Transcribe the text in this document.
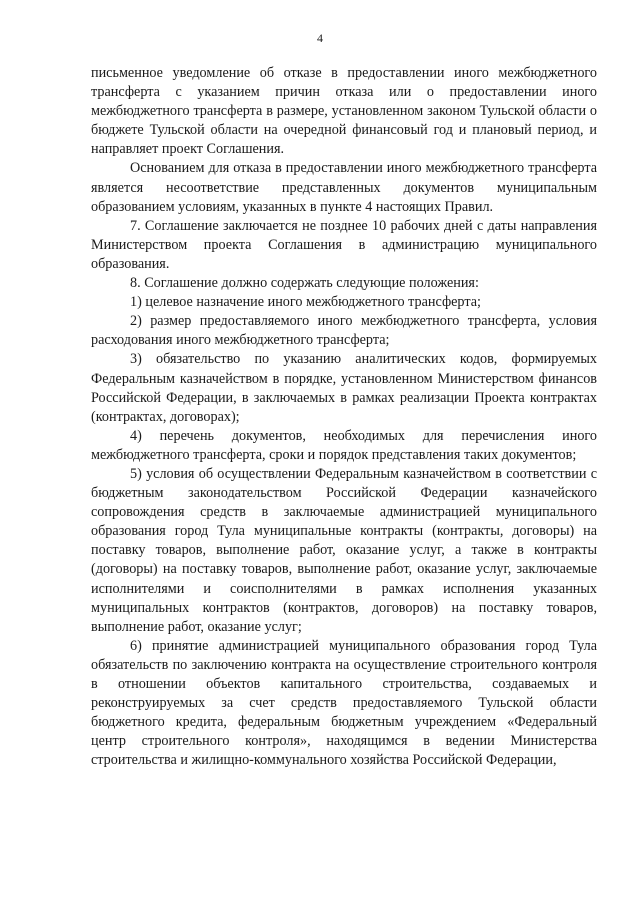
4

письменное уведомление об отказе в предоставлении иного межбюджетного трансферта с указанием причин отказа или о предоставлении иного межбюджетного трансферта в размере, установленном законом Тульской области о бюджете Тульской области на очередной финансовый год и плановый период, и направляет проект Соглашения.

Основанием для отказа в предоставлении иного межбюджетного трансферта является несоответствие представленных документов муниципальным образованием условиям, указанных в пункте 4 настоящих Правил.

7. Соглашение заключается не позднее 10 рабочих дней с даты направления Министерством проекта Соглашения в администрацию муниципального образования.

8. Соглашение должно содержать следующие положения:

1) целевое назначение иного межбюджетного трансферта;

2) размер предоставляемого иного межбюджетного трансферта, условия расходования иного межбюджетного трансферта;

3) обязательство по указанию аналитических кодов, формируемых Федеральным казначейством в порядке, установленном Министерством финансов Российской Федерации, в заключаемых в рамках реализации Проекта контрактах (контрактах, договорах);

4) перечень документов, необходимых для перечисления иного межбюджетного трансферта, сроки и порядок представления таких документов;

5) условия об осуществлении Федеральным казначейством в соответствии с бюджетным законодательством Российской Федерации казначейского сопровождения средств в заключаемые администрацией муниципального образования город Тула муниципальные контракты (контракты, договоры) на поставку товаров, выполнение работ, оказание услуг, а также в контракты (договоры) на поставку товаров, выполнение работ, оказание услуг, заключаемые исполнителями и соисполнителями в рамках исполнения указанных муниципальных контрактов (контрактов, договоров) на поставку товаров, выполнение работ, оказание услуг;

6) принятие администрацией муниципального образования город Тула обязательств по заключению контракта на осуществление строительного контроля в отношении объектов капитального строительства, создаваемых и реконструируемых за счет средств предоставляемого Тульской области бюджетного кредита, федеральным бюджетным учреждением «Федеральный центр строительного контроля», находящимся в ведении Министерства строительства и жилищно-коммунального хозяйства Российской Федерации,
